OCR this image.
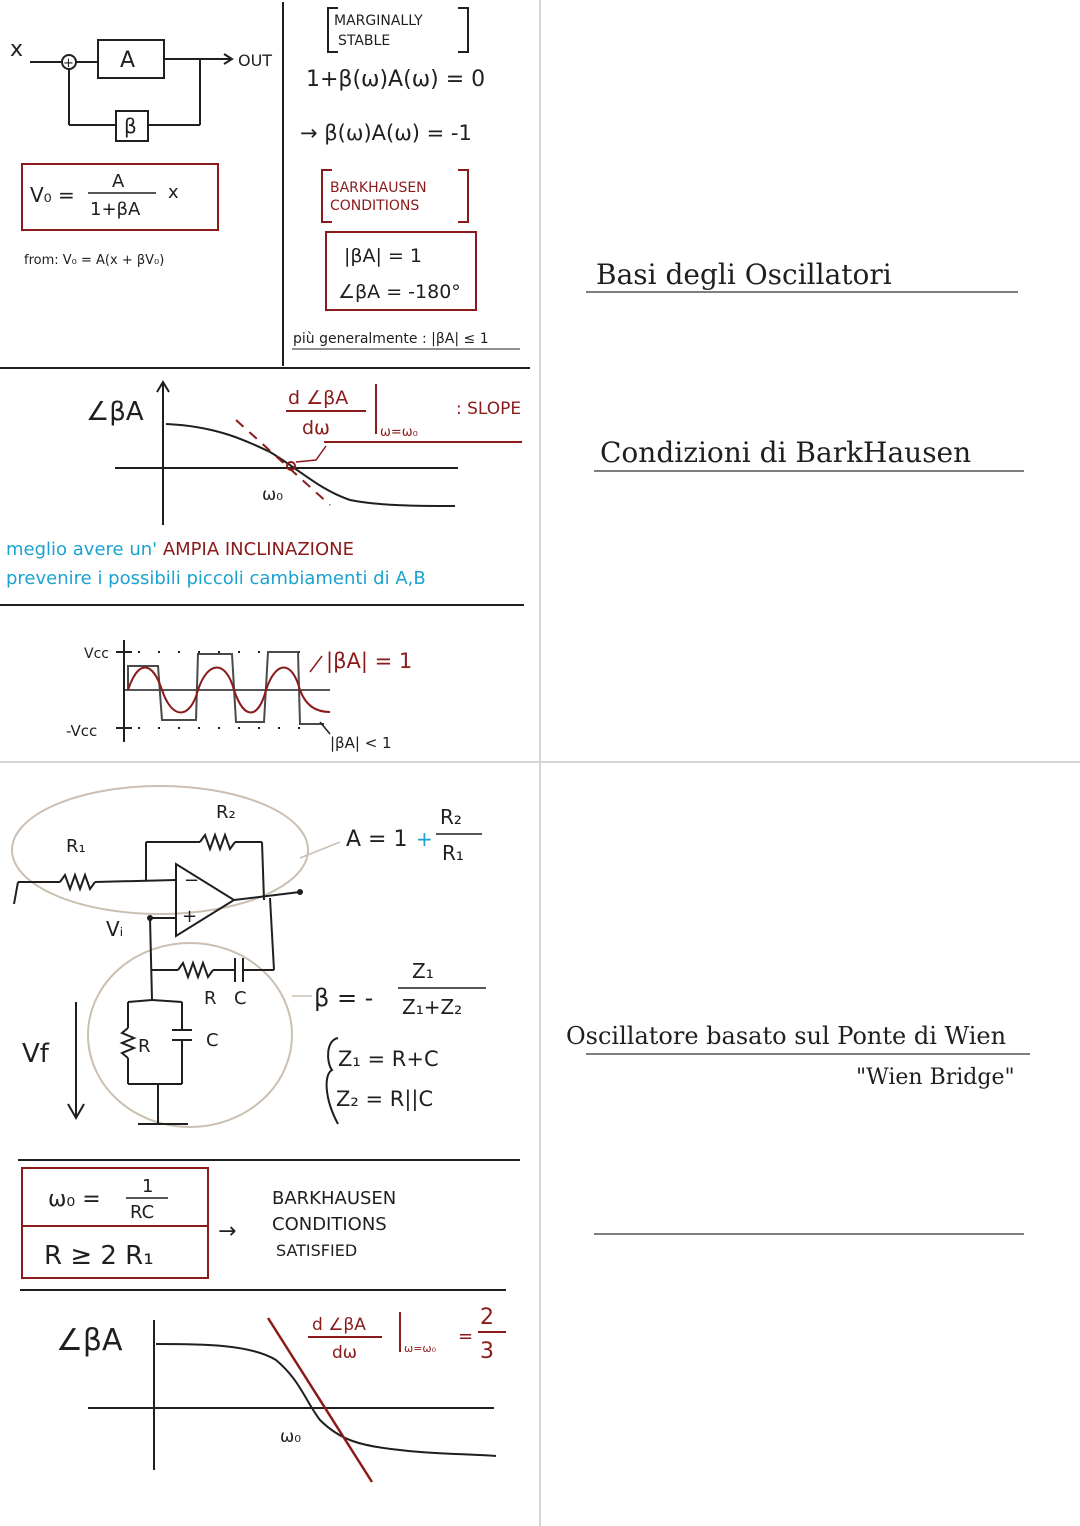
x
+ A	OUT
β
V₀ =
A
1+βA
x
from: V₀ = A(x + βV₀)
MARGINALLY
STABLE
1+β(ω)A(ω) = 0
→ β(ω)A(ω) = -1
BARKHAUSEN
CONDITIONS
|βA| = 1
∠βA = -180°
più generalmente : |βA| ≤ 1
∠βA	d ∠βA
dω	ω=ω₀
: SLOPE
ω₀
meglio avere un' AMPIA INCLINAZIONE
prevenire i possibili piccoli cambiamenti di A,B
Vcc
-Vcc
|βA| = 1
|βA| < 1
R₂
R₁
Vᵢ
−
+
R C
R	C
Vf
A = 1 +
R₂
R₁
β = -
Z₁
Z₁+Z₂
Z₁ = R+C
Z₂ = R||C
ω₀ =
1
RC
R ≥ 2 R₁
→
BARKHAUSEN
CONDITIONS
SATISFIED
∠βA	d ∠βA
dω	ω=ω₀
=
2
3
ω₀
Basi degli Oscillatori
Condizioni di BarkHausen
Oscillatore basato sul Ponte di Wien
"Wien Bridge"
